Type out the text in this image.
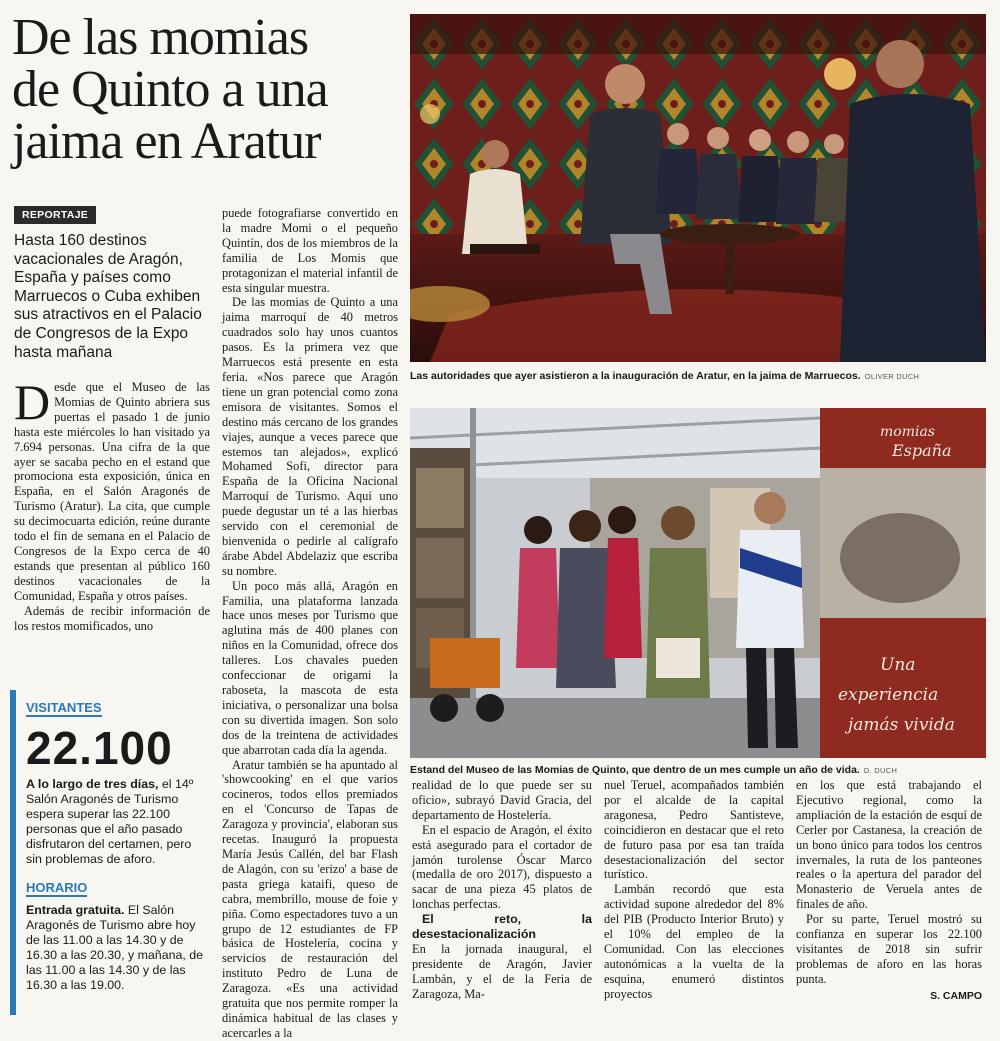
De las momias
de Quinto a una
jaima en Aratur
REPORTAJE
Hasta 160 destinos vacacionales de Aragón, España y países como Marruecos o Cuba exhiben sus atractivos en el Palacio de Congresos de la Expo hasta mañana

Desde que el Museo de las Momias de Quinto abriera sus puertas el pasado 1 de junio hasta este miércoles lo han visitado ya 7.694 personas. Una cifra de la que ayer se sacaba pecho en el estand que promociona esta exposición, única en España, en el Salón Aragonés de Turismo (Aratur). La cita, que cumple su decimocuarta edición, reúne durante todo el fin de semana en el Palacio de Congresos de la Expo cerca de 40 estands que presentan al público 160 destinos vacacionales de la Comunidad, España y otros países.

Además de recibir información de los restos momificados, uno

puede fotografiarse convertido en la madre Momi o el pequeño Quintín, dos de los miembros de la familia de Los Momis que protagonizan el material infantil de esta singular muestra.

De las momias de Quinto a una jaima marroquí de 40 metros cuadrados solo hay unos cuantos pasos. Es la primera vez que Marruecos está presente en esta feria. «Nos parece que Aragón tiene un gran potencial como zona emisora de visitantes. Somos el destino más cercano de los grandes viajes, aunque a veces parece que estemos tan alejados», explicó Mohamed Sofi, director para España de la Oficina Nacional Marroquí de Turismo. Aquí uno puede degustar un té a las hierbas servido con el ceremonial de bienvenida o pedirle al calígrafo árabe Abdel Abdelaziz que escriba su nombre.

Un poco más allá, Aragón en Familia, una plataforma lanzada hace unos meses por Turismo que aglutina más de 400 planes con niños en la Comunidad, ofrece dos talleres. Los chavales pueden confeccionar de origami la raboseta, la mascota de esta iniciativa, o personalizar una bolsa con su divertida imagen. Son solo dos de la treintena de actividades que abarrotan cada día la agenda.

Aratur también se ha apuntado al 'showcooking' en el que varios cocineros, todos ellos premiados en el 'Concurso de Tapas de Zaragoza y provincia', elaboran sus recetas. Inauguró la propuesta María Jesús Callén, del bar Flash de Alagón, con su 'erizo' a base de pasta griega kataifi, queso de cabra, membrillo, mouse de foie y piña. Como espectadores tuvo a un grupo de 12 estudiantes de FP básica de Hostelería, cocina y servicios de restauración del instituto Pedro de Luna de Zaragoza. «Es una actividad gratuita que nos permite romper la dinámica habitual de las clases y acercarles a la

VISITANTES
22.100
A lo largo de tres días, el 14º Salón Aragonés de Turismo espera superar las 22.100 personas que el año pasado disfrutaron del certamen, pero sin problemas de aforo.
HORARIO
Entrada gratuita. El Salón Aragonés de Turismo abre hoy de las 11.00 a las 14.30 y de 16.30 a las 20.30, y mañana, de las 11.00 a las 14.30 y de las 16.30 a las 19.00.
Las autoridades que ayer asistieron a la inauguración de Aratur, en la jaima de Marruecos. OLIVER DUCH
momias
España
Una
experiencia
jamás vivida
Estand del Museo de las Momias de Quinto, que dentro de un mes cumple un año de vida. D. DUCH

realidad de lo que puede ser su oficio», subrayó David Gracia, del departamento de Hostelería.

En el espacio de Aragón, el éxito está asegurado para el cortador de jamón turolense Óscar Marco (medalla de oro 2017), dispuesto a sacar de una pieza 45 platos de lonchas perfectas.

El reto, la desestacionalización

En la jornada inaugural, el presidente de Aragón, Javier Lambán, y el de la Feria de Zaragoza, Ma-

nuel Teruel, acompañados también por el alcalde de la capital aragonesa, Pedro Santisteve, coincidieron en destacar que el reto de futuro pasa por esa tan traída desestacionalización del sector turístico.

Lambán recordó que esta actividad supone alrededor del 8% del PIB (Producto Interior Bruto) y el 10% del empleo de la Comunidad. Con las elecciones autonómicas a la vuelta de la esquina, enumeró distintos proyectos

en los que está trabajando el Ejecutivo regional, como la ampliación de la estación de esquí de Cerler por Castanesa, la creación de un bono único para todos los centros invernales, la ruta de los panteones reales o la apertura del parador del Monasterio de Veruela antes de finales de año.

Por su parte, Teruel mostró su confianza en superar los 22.100 visitantes de 2018 sin sufrir problemas de aforo en las horas punta.

S. CAMPO
